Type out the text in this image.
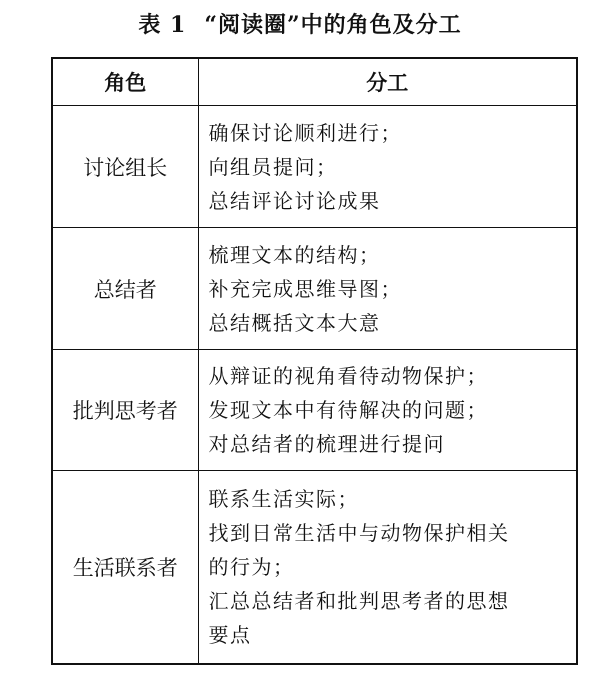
表 1 “阅读圈”中的角色及分工
角色	分工
讨论组长	确保讨论顺利进行；
向组员提问；
总结评论讨论成果

总结者	梳理文本的结构；
补充完成思维导图；
总结概括文本大意

批判思考者	从辩证的视角看待动物保护；
发现文本中有待解决的问题；
对总结者的梳理进行提问

生活联系者	联系生活实际；
找到日常生活中与动物保护相关
的行为；
汇总总结者和批判思考者的思想
要点
